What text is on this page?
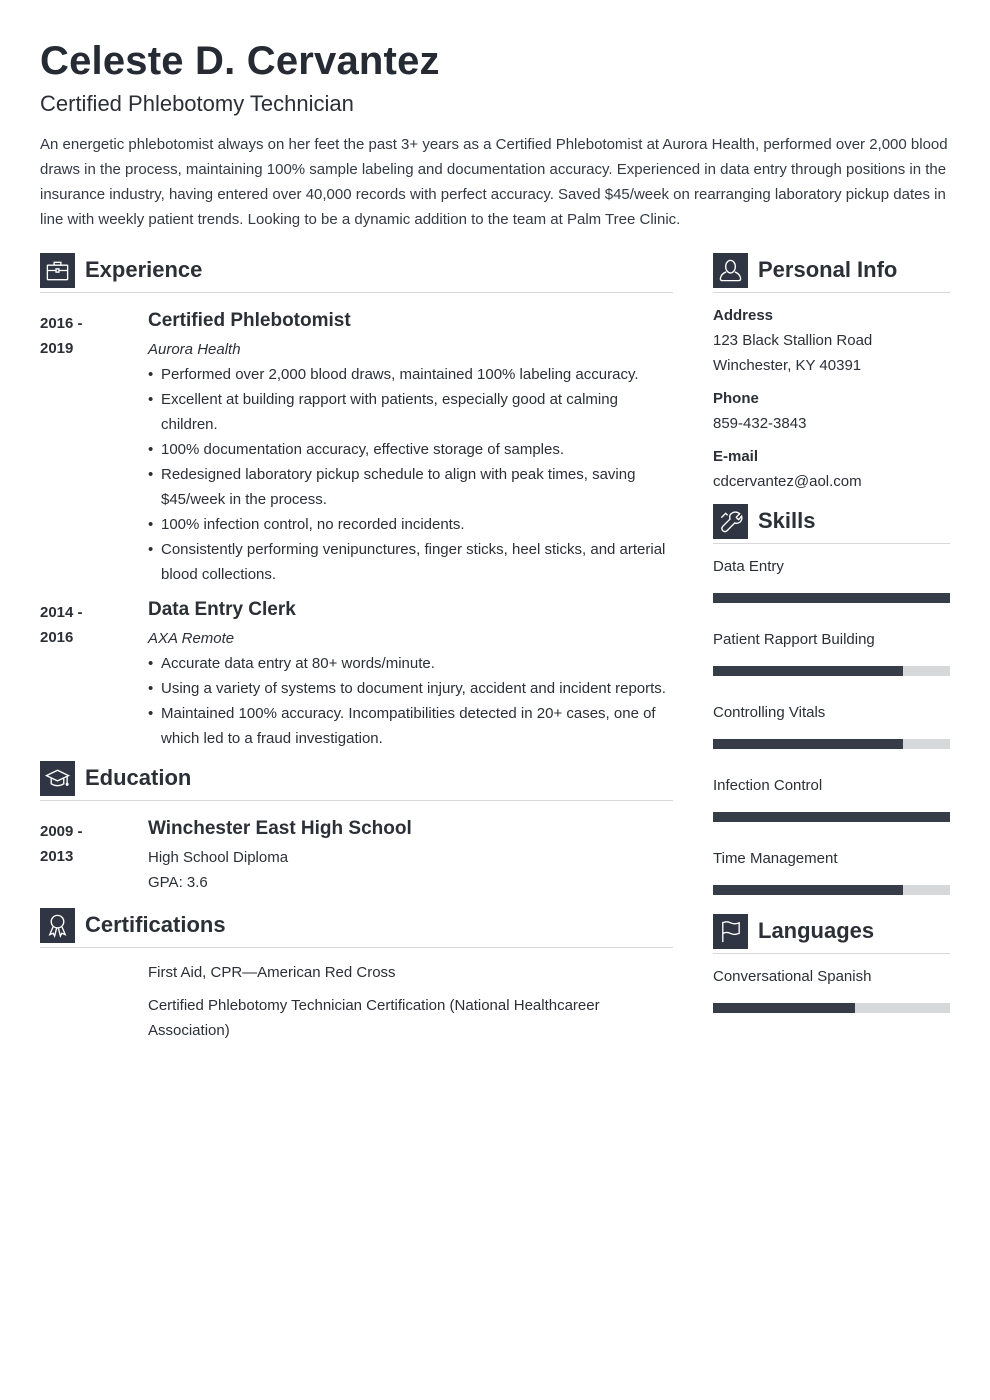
Celeste D. Cervantez
Certified Phlebotomy Technician
An energetic phlebotomist always on her feet the past 3+ years as a Certified Phlebotomist at Aurora Health, performed over 2,000 blood draws in the process, maintaining 100% sample labeling and documentation accuracy. Experienced in data entry through positions in the insurance industry, having entered over 40,000 records with perfect accuracy. Saved $45/week on rearranging laboratory pickup dates in line with weekly patient trends. Looking to be a dynamic addition to the team at Palm Tree Clinic.
Experience
2016 -
2019
Certified Phlebotomist
Aurora Health
• Performed over 2,000 blood draws, maintained 100% labeling accuracy.
• Excellent at building rapport with patients, especially good at calming children.
• 100% documentation accuracy, effective storage of samples.
• Redesigned laboratory pickup schedule to align with peak times, saving $45/week in the process.
• 100% infection control, no recorded incidents.
• Consistently performing venipunctures, finger sticks, heel sticks, and arterial blood collections.
2014 -
2016
Data Entry Clerk
AXA Remote
• Accurate data entry at 80+ words/minute.
• Using a variety of systems to document injury, accident and incident reports.
• Maintained 100% accuracy. Incompatibilities detected in 20+ cases, one of which led to a fraud investigation.
Education
2009 -
2013
Winchester East High School
High School Diploma
GPA: 3.6
Certifications
First Aid, CPR—American Red Cross
Certified Phlebotomy Technician Certification (National Healthcareer Association)
Personal Info
Address
123 Black Stallion Road
Winchester, KY 40391
Phone
859-432-3843
E-mail
cdcervantez@aol.com
Skills
Data Entry
Patient Rapport Building
Controlling Vitals
Infection Control
Time Management
Languages
Conversational Spanish
